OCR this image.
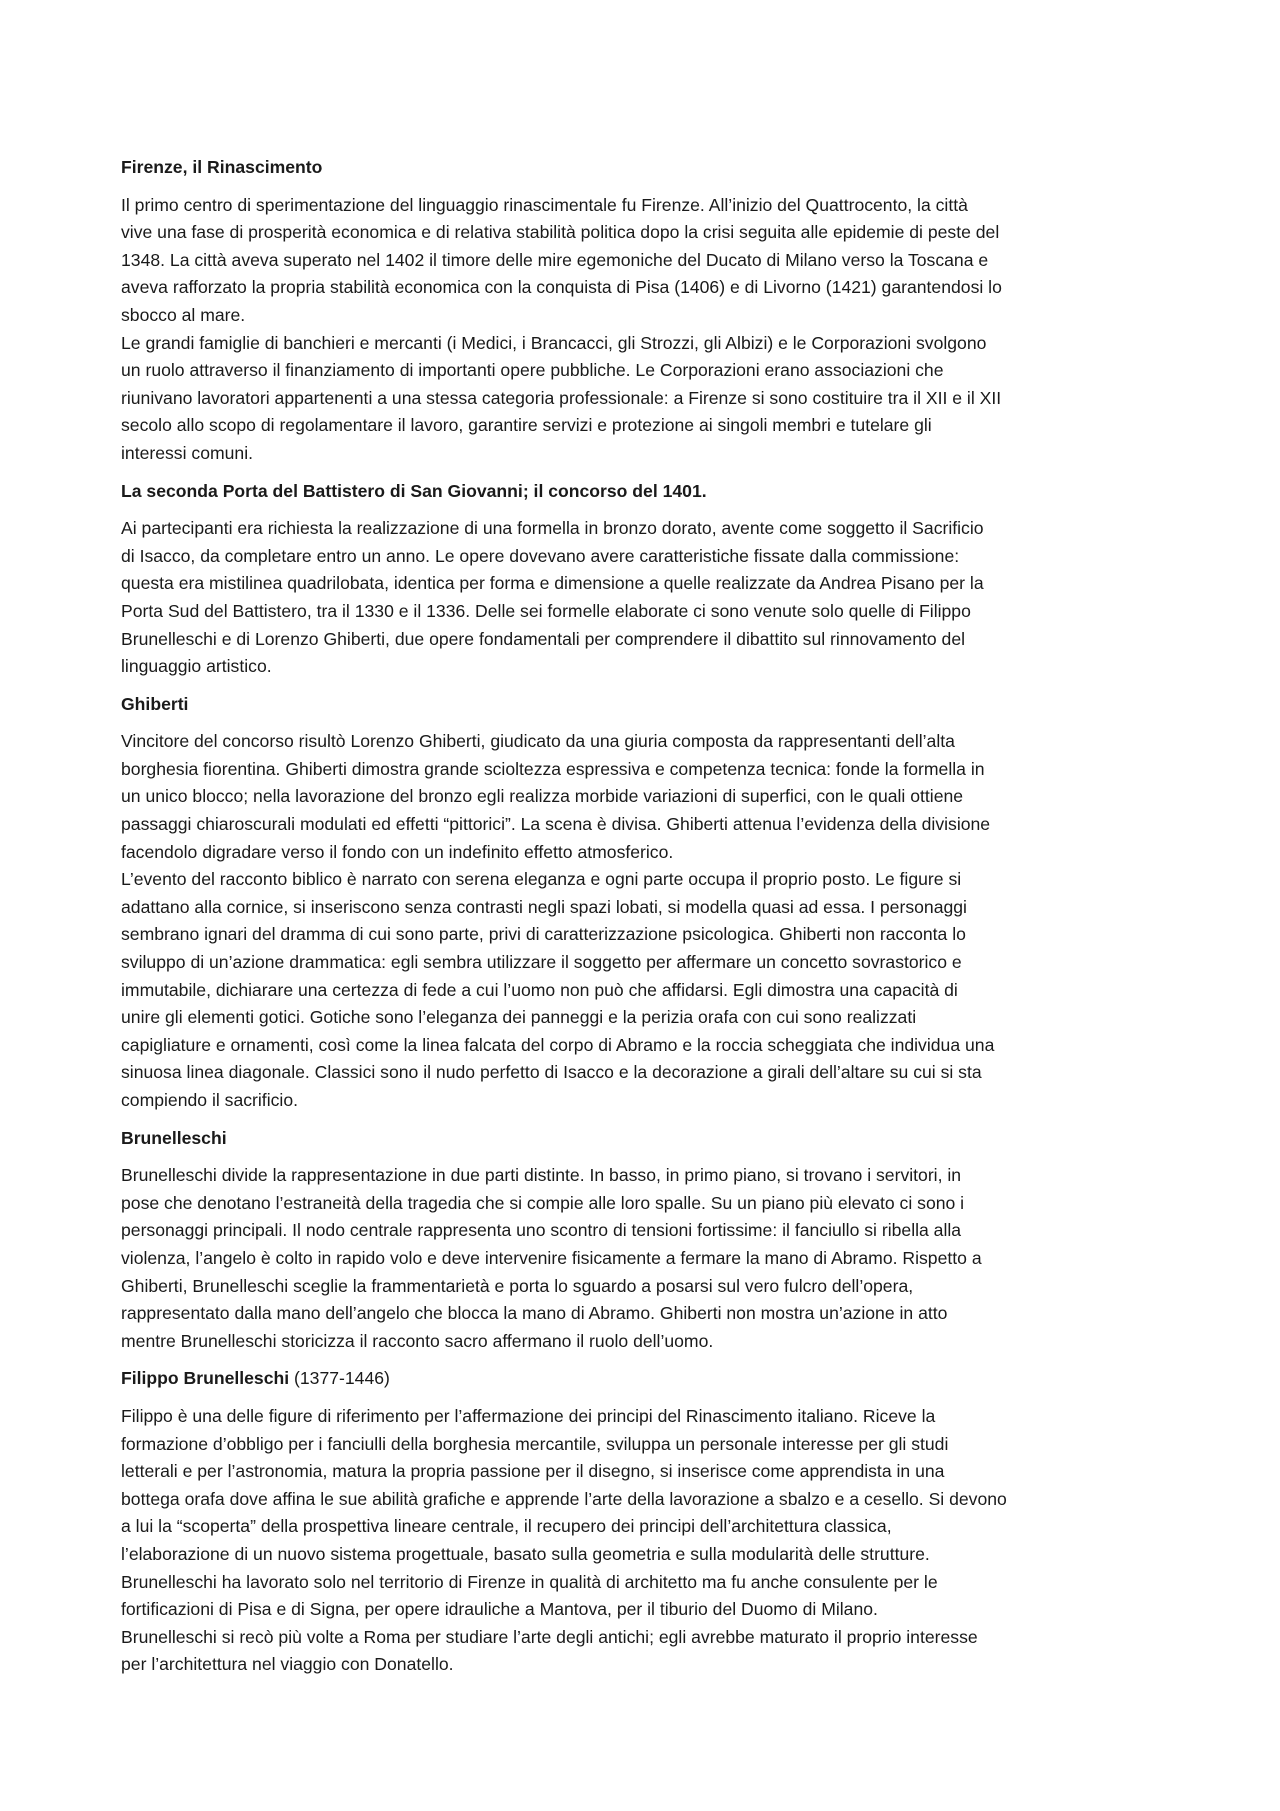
Firenze, il Rinascimento
Il primo centro di sperimentazione del linguaggio rinascimentale fu Firenze. All’inizio del Quattrocento, la città
vive una fase di prosperità economica e di relativa stabilità politica dopo la crisi seguita alle epidemie di peste del
1348. La città aveva superato nel 1402 il timore delle mire egemoniche del Ducato di Milano verso la Toscana e
aveva rafforzato la propria stabilità economica con la conquista di Pisa (1406) e di Livorno (1421) garantendosi lo
sbocco al mare.
Le grandi famiglie di banchieri e mercanti (i Medici, i Brancacci, gli Strozzi, gli Albizi) e le Corporazioni svolgono
un ruolo attraverso il finanziamento di importanti opere pubbliche. Le Corporazioni erano associazioni che
riunivano lavoratori appartenenti a una stessa categoria professionale: a Firenze si sono costituire tra il XII e il XII
secolo allo scopo di regolamentare il lavoro, garantire servizi e protezione ai singoli membri e tutelare gli
interessi comuni.
La seconda Porta del Battistero di San Giovanni; il concorso del 1401.
Ai partecipanti era richiesta la realizzazione di una formella in bronzo dorato, avente come soggetto il Sacrificio
di Isacco, da completare entro un anno. Le opere dovevano avere caratteristiche fissate dalla commissione:
questa era mistilinea quadrilobata, identica per forma e dimensione a quelle realizzate da Andrea Pisano per la
Porta Sud del Battistero, tra il 1330 e il 1336. Delle sei formelle elaborate ci sono venute solo quelle di Filippo
Brunelleschi e di Lorenzo Ghiberti, due opere fondamentali per comprendere il dibattito sul rinnovamento del
linguaggio artistico.
Ghiberti
Vincitore del concorso risultò Lorenzo Ghiberti, giudicato da una giuria composta da rappresentanti dell’alta
borghesia fiorentina. Ghiberti dimostra grande scioltezza espressiva e competenza tecnica: fonde la formella in
un unico blocco; nella lavorazione del bronzo egli realizza morbide variazioni di superfici, con le quali ottiene
passaggi chiaroscurali modulati ed effetti “pittorici”. La scena è divisa. Ghiberti attenua l’evidenza della divisione
facendolo digradare verso il fondo con un indefinito effetto atmosferico.
L’evento del racconto biblico è narrato con serena eleganza e ogni parte occupa il proprio posto. Le figure si
adattano alla cornice, si inseriscono senza contrasti negli spazi lobati, si modella quasi ad essa. I personaggi
sembrano ignari del dramma di cui sono parte, privi di caratterizzazione psicologica. Ghiberti non racconta lo
sviluppo di un’azione drammatica: egli sembra utilizzare il soggetto per affermare un concetto sovrastorico e
immutabile, dichiarare una certezza di fede a cui l’uomo non può che affidarsi. Egli dimostra una capacità di
unire gli elementi gotici. Gotiche sono l’eleganza dei panneggi e la perizia orafa con cui sono realizzati
capigliature e ornamenti, così come la linea falcata del corpo di Abramo e la roccia scheggiata che individua una
sinuosa linea diagonale. Classici sono il nudo perfetto di Isacco e la decorazione a girali dell’altare su cui si sta
compiendo il sacrificio.
Brunelleschi
Brunelleschi divide la rappresentazione in due parti distinte. In basso, in primo piano, si trovano i servitori, in
pose che denotano l’estraneità della tragedia che si compie alle loro spalle. Su un piano più elevato ci sono i
personaggi principali. Il nodo centrale rappresenta uno scontro di tensioni fortissime: il fanciullo si ribella alla
violenza, l’angelo è colto in rapido volo e deve intervenire fisicamente a fermare la mano di Abramo. Rispetto a
Ghiberti, Brunelleschi sceglie la frammentarietà e porta lo sguardo a posarsi sul vero fulcro dell’opera,
rappresentato dalla mano dell’angelo che blocca la mano di Abramo. Ghiberti non mostra un’azione in atto
mentre Brunelleschi storicizza il racconto sacro affermano il ruolo dell’uomo.
Filippo Brunelleschi (1377-1446)
Filippo è una delle figure di riferimento per l’affermazione dei principi del Rinascimento italiano. Riceve la
formazione d’obbligo per i fanciulli della borghesia mercantile, sviluppa un personale interesse per gli studi
letterali e per l’astronomia, matura la propria passione per il disegno, si inserisce come apprendista in una
bottega orafa dove affina le sue abilità grafiche e apprende l’arte della lavorazione a sbalzo e a cesello. Si devono
a lui la “scoperta” della prospettiva lineare centrale, il recupero dei principi dell’architettura classica,
l’elaborazione di un nuovo sistema progettuale, basato sulla geometria e sulla modularità delle strutture.
Brunelleschi ha lavorato solo nel territorio di Firenze in qualità di architetto ma fu anche consulente per le
fortificazioni di Pisa e di Signa, per opere idrauliche a Mantova, per il tiburio del Duomo di Milano.
Brunelleschi si recò più volte a Roma per studiare l’arte degli antichi; egli avrebbe maturato il proprio interesse
per l’architettura nel viaggio con Donatello.
